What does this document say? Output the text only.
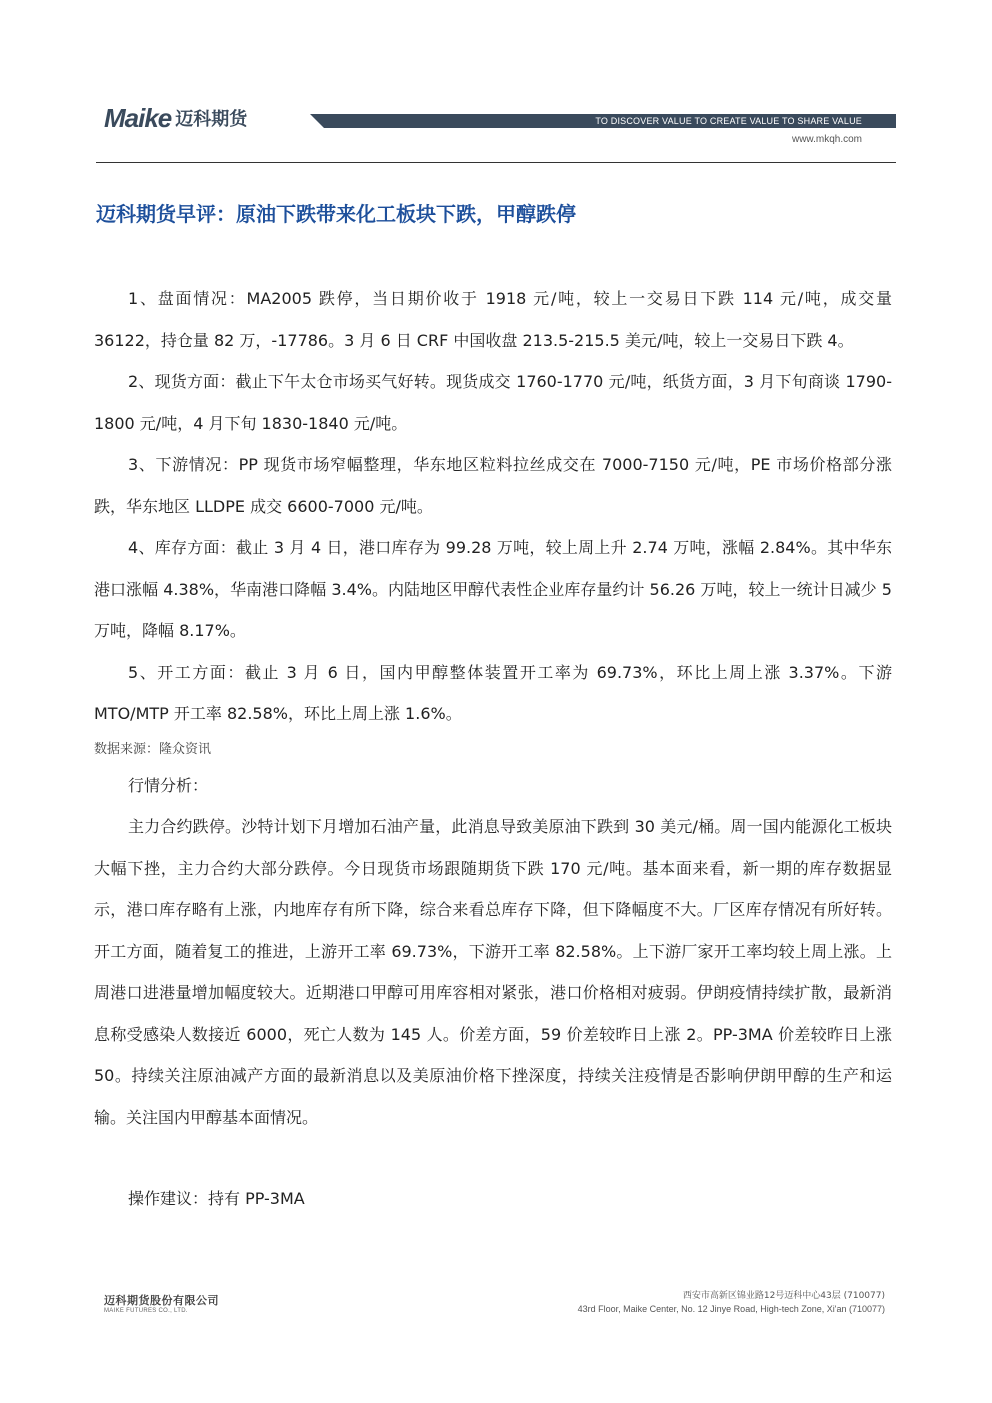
Maike 迈科期货	TO DISCOVER VALUE TO CREATE VALUE TO SHARE VALUE
www.mkqh.com
迈科期货早评：原油下跌带来化工板块下跌，甲醇跌停

1、盘面情况：MA2005 跌停，当日期价收于 1918 元/吨，较上一交易日下跌 114 元/吨，成交量 36122，持仓量 82 万，-17786。3 月 6 日 CRF 中国收盘 213.5-215.5 美元/吨，较上一交易日下跌 4。

2、现货方面：截止下午太仓市场买气好转。现货成交 1760-1770 元/吨，纸货方面，3 月下旬商谈 1790-1800 元/吨，4 月下旬 1830-1840 元/吨。

3、下游情况：PP 现货市场窄幅整理，华东地区粒料拉丝成交在 7000-7150 元/吨，PE 市场价格部分涨跌，华东地区 LLDPE 成交 6600-7000 元/吨。

4、库存方面：截止 3 月 4 日，港口库存为 99.28 万吨，较上周上升 2.74 万吨，涨幅 2.84%。其中华东港口涨幅 4.38%，华南港口降幅 3.4%。内陆地区甲醇代表性企业库存量约计 56.26 万吨，较上一统计日减少 5 万吨，降幅 8.17%。

5、开工方面：截止 3 月 6 日，国内甲醇整体装置开工率为 69.73%，环比上周上涨 3.37%。下游 MTO/MTP 开工率 82.58%，环比上周上涨 1.6%。

数据来源：隆众资讯

行情分析：

主力合约跌停。沙特计划下月增加石油产量，此消息导致美原油下跌到 30 美元/桶。周一国内能源化工板块大幅下挫，主力合约大部分跌停。今日现货市场跟随期货下跌 170 元/吨。基本面来看，新一期的库存数据显示，港口库存略有上涨，内地库存有所下降，综合来看总库存下降，但下降幅度不大。厂区库存情况有所好转。开工方面，随着复工的推进，上游开工率 69.73%，下游开工率 82.58%。上下游厂家开工率均较上周上涨。上周港口进港量增加幅度较大。近期港口甲醇可用库容相对紧张，港口价格相对疲弱。伊朗疫情持续扩散，最新消息称受感染人数接近 6000，死亡人数为 145 人。价差方面，59 价差较昨日上涨 2。PP-3MA 价差较昨日上涨 50。持续关注原油减产方面的最新消息以及美原油价格下挫深度，持续关注疫情是否影响伊朗甲醇的生产和运输。关注国内甲醇基本面情况。

操作建议：持有 PP-3MA

迈科期货股份有限公司
MAIKE FUTURES CO., LTD.
西安市高新区锦业路12号迈科中心43层 (710077)
43rd Floor, Maike Center, No. 12 Jinye Road, High-tech Zone, Xi'an (710077)
